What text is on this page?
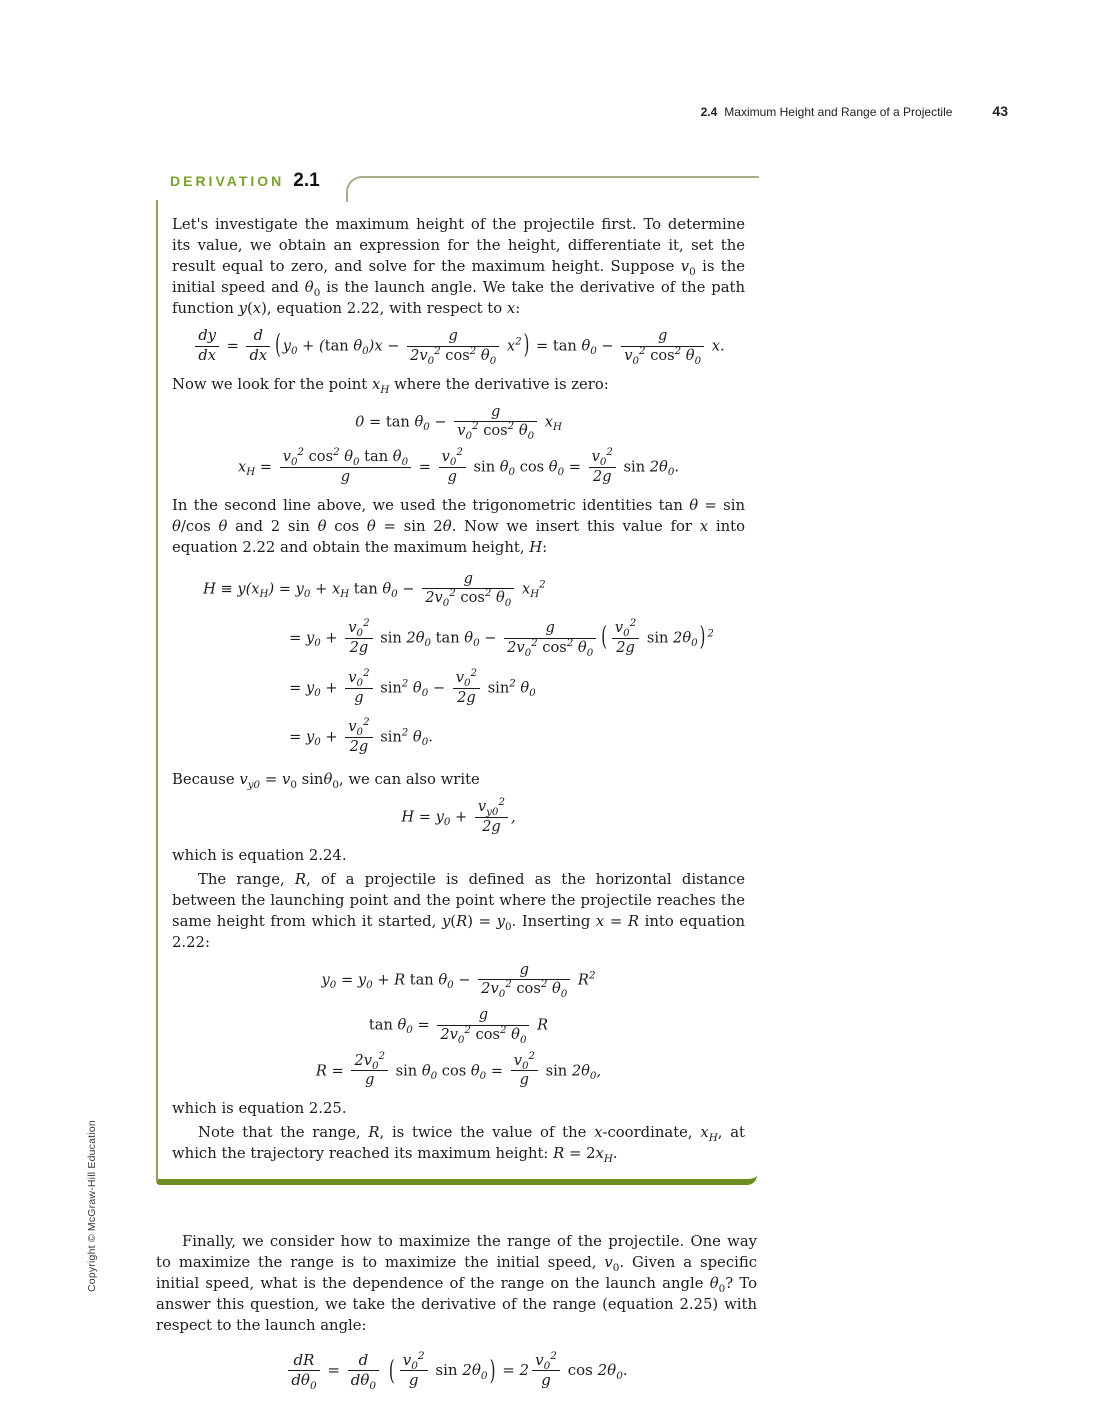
2.4 Maximum Height and Range of a Projectile	43
DERIVATION 2.1

Let's investigate the maximum height of the projectile first. To determine its value, we obtain an expression for the height, differentiate it, set the result equal to zero, and solve for the maximum height. Suppose $v_0$ is the initial speed and $\theta_0$ is the launch angle. We take the derivative of the path function y(x), equation 2.22, with respect to x:

$\frac{dy}{dx} = \frac{d}{dx}$ ( $y_0 + (\tan$ $\theta_0)x - \frac{g}{2v_0^2 \cos^2 \theta_0} x^2$ ) = $\tan \theta_0 - \frac{g}{v_0^2 \cos^2 \theta_0} x$.

Now we look for the point $x_H$ where the derivative is zero:

$0 = \tan \theta_0 - \frac{g}{v_0^2 \cos^2 \theta_0} x_H$
$x_H = \frac{v_0^2 \cos^2 \theta_0 \tan \theta_0}{g} = \frac{v_0^2}{g}$ $\sin \theta_0$ $\cos \theta_0 = \frac{v_0^2}{2g}$ $\sin 2\theta_0$.

In the second line above, we used the trigonometric identities tan θ = sin θ/cos θ and 2 sin θ cos θ = sin 2θ. Now we insert this value for x into equation 2.22 and obtain the maximum height, H:

$H \equiv y(x_H) = y_0 + x_H$ $\tan \theta_0 - \frac{g}{2v_0^2 \cos^2 \theta_0} x_H^2$
= $y_0 + \frac{v_0^2}{2g}$ $\sin 2\theta_0$ $\tan \theta_0 - \frac{g}{2v_0^2 \cos^2 \theta_0}$ ( $\frac{v_0^2}{2g}$ $\sin 2\theta_0$ ) $^2$
= $y_0 + \frac{v_0^2}{g} \sin^2 \theta_0 - \frac{v_0^2}{2g} \sin^2 \theta_0$
= $y_0 + \frac{v_0^2}{2g} \sin^2 \theta_0$.

Because $v_{y0} = v_0$ sinθ$_0$, we can also write

$H = y_0 + \frac{v_{y0}^2}{2g}$ ,

which is equation 2.24.

The range, R, of a projectile is defined as the horizontal distance between the launching point and the point where the projectile reaches the same height from which it started, $y(R) = y_0$. Inserting x = R into equation 2.22:

$y_0 = y_0 + R$ $\tan \theta_0 - \frac{g}{2v_0^2 \cos^2 \theta_0} R^2$
$\tan \theta_0 = \frac{g}{2v_0^2 \cos^2 \theta_0}$ R
$R = \frac{2v_0^2}{g}$ $\sin \theta_0$ $\cos \theta_0 = \frac{v_0^2}{g}$ $\sin 2\theta_0$,

which is equation 2.25.

Note that the range, R, is twice the value of the x-coordinate, $x_H$, at which the trajectory reached its maximum height: $R = 2x_H$.

Finally, we consider how to maximize the range of the projectile. One way to maximize the range is to maximize the initial speed, $v_0$. Given a specific initial speed, what is the dependence of the range on the launch angle $\theta_0$? To answer this question, we take the derivative of the range (equation 2.25) with respect to the launch angle:

$\frac{dR}{d\theta_0} = \frac{d}{d\theta_0}$ ( $\frac{v_0^2}{g}$ $\sin 2\theta_0$ ) = $2 \frac{v_0^2}{g}$ $\cos 2\theta_0$.
Copyright © McGraw-Hill Education
